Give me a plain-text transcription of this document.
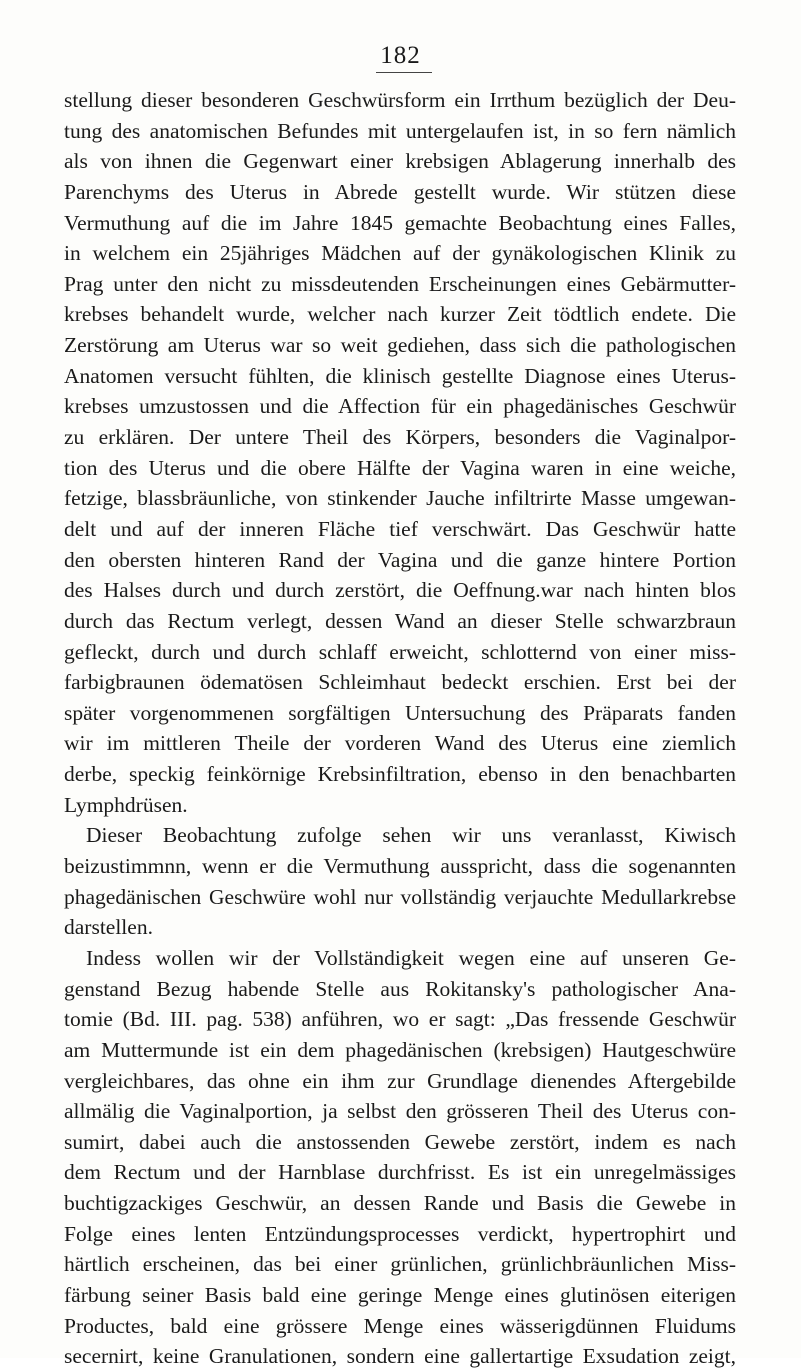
182
stellung dieser besonderen Geschwürsform ein Irrthum bezüglich der Deu-
tung des anatomischen Befundes mit untergelaufen ist, in so fern nämlich
als von ihnen die Gegenwart einer krebsigen Ablagerung innerhalb des
Parenchyms des Uterus in Abrede gestellt wurde. Wir stützen diese
Vermuthung auf die im Jahre 1845 gemachte Beobachtung eines Falles,
in welchem ein 25jähriges Mädchen auf der gynäkologischen Klinik zu
Prag unter den nicht zu missdeutenden Erscheinungen eines Gebärmutter-
krebses behandelt wurde, welcher nach kurzer Zeit tödtlich endete. Die
Zerstörung am Uterus war so weit gediehen, dass sich die pathologischen
Anatomen versucht fühlten, die klinisch gestellte Diagnose eines Uterus-
krebses umzustossen und die Affection für ein phagedänisches Geschwür
zu erklären. Der untere Theil des Körpers, besonders die Vaginalpor-
tion des Uterus und die obere Hälfte der Vagina waren in eine weiche,
fetzige, blassbräunliche, von stinkender Jauche infiltrirte Masse umgewan-
delt und auf der inneren Fläche tief verschwärt. Das Geschwür hatte
den obersten hinteren Rand der Vagina und die ganze hintere Portion
des Halses durch und durch zerstört, die Oeffnung.war nach hinten blos
durch das Rectum verlegt, dessen Wand an dieser Stelle schwarzbraun
gefleckt, durch und durch schlaff erweicht, schlotternd von einer miss-
farbigbraunen ödematösen Schleimhaut bedeckt erschien. Erst bei der
später vorgenommenen sorgfältigen Untersuchung des Präparats fanden
wir im mittleren Theile der vorderen Wand des Uterus eine ziemlich
derbe, speckig feinkörnige Krebsinfiltration, ebenso in den benachbarten
Lymphdrüsen.
Dieser Beobachtung zufolge sehen wir uns veranlasst, Kiwisch
beizustimmnn, wenn er die Vermuthung ausspricht, dass die sogenannten
phagedänischen Geschwüre wohl nur vollständig verjauchte Medullarkrebse
darstellen.
Indess wollen wir der Vollständigkeit wegen eine auf unseren Ge-
genstand Bezug habende Stelle aus Rokitansky's pathologischer Ana-
tomie (Bd. III. pag. 538) anführen, wo er sagt: „Das fressende Geschwür
am Muttermunde ist ein dem phagedänischen (krebsigen) Hautgeschwüre
vergleichbares, das ohne ein ihm zur Grundlage dienendes Aftergebilde
allmälig die Vaginalportion, ja selbst den grösseren Theil des Uterus con-
sumirt, dabei auch die anstossenden Gewebe zerstört, indem es nach
dem Rectum und der Harnblase durchfrisst. Es ist ein unregelmässiges
buchtigzackiges Geschwür, an dessen Rande und Basis die Gewebe in
Folge eines lenten Entzündungsprocesses verdickt, hypertrophirt und
härtlich erscheinen, das bei einer grünlichen, grünlichbräunlichen Miss-
färbung seiner Basis bald eine geringe Menge eines glutinösen eiterigen
Productes, bald eine grössere Menge eines wässerigdünnen Fluidums
secernirt, keine Granulationen, sondern eine gallertartige Exsudation zeigt,
